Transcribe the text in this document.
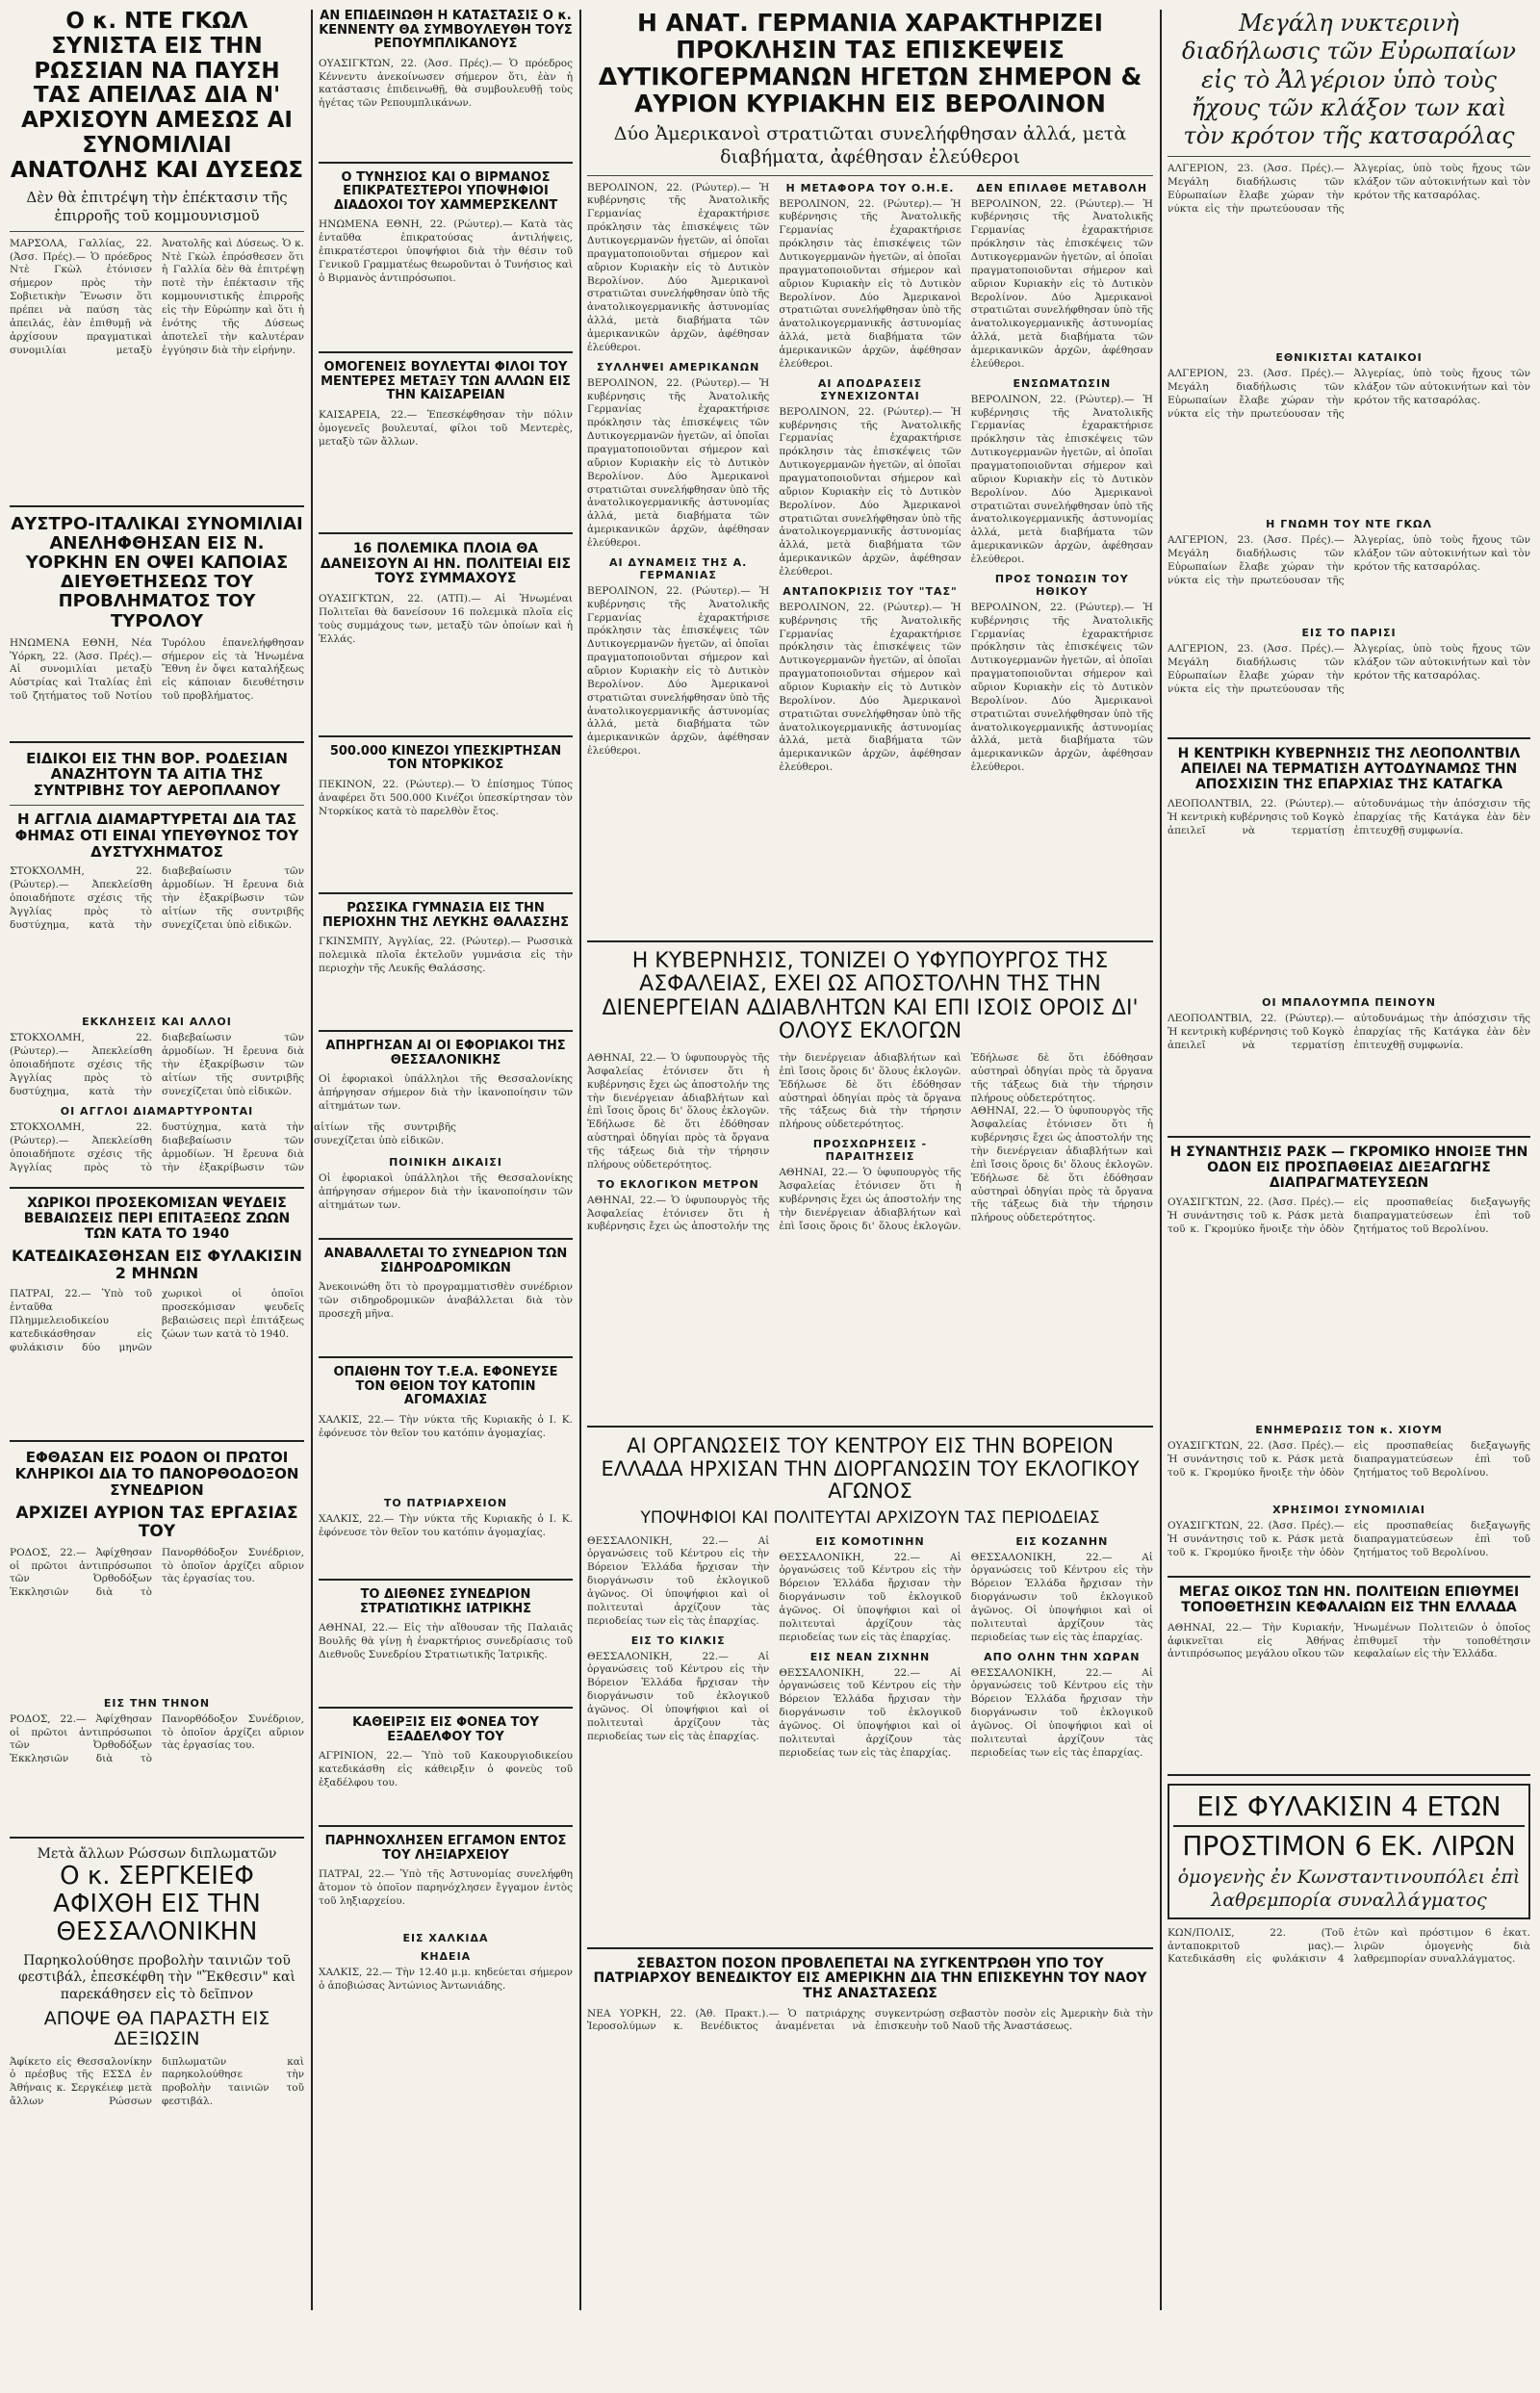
Ο κ. ΝΤΕ ΓΚΩΛ ΣΥΝΙΣΤΑ ΕΙΣ ΤΗΝ ΡΩΣΣΙΑΝ ΝΑ ΠΑΥΣΗ ΤΑΣ ΑΠΕΙΛΑΣ ΔΙΑ Ν' ΑΡΧΙΣΟΥΝ ΑΜΕΣΩΣ ΑΙ ΣΥΝΟΜΙΛΙΑΙ ΑΝΑΤΟΛΗΣ ΚΑΙ ΔΥΣΕΩΣ
Δὲν θὰ ἐπιτρέψη τὴν ἐπέκτασιν τῆς ἐπιρροῆς τοῦ κομμουνισμοῦ
ΜΑΡΣΟΛΑ, Γαλλίας, 22. (Ἀσσ. Πρές).— Ὁ πρόεδρος Ντὲ Γκὼλ ἐτόνισεν σήμερον πρὸς τὴν Σοβιετικὴν Ἕνωσιν ὅτι πρέπει νὰ παύση τὰς ἀπειλάς, ἐὰν ἐπιθυμῇ νὰ ἀρχίσουν πραγματικαὶ συνομιλίαι μεταξὺ Ἀνατολῆς καὶ Δύσεως. Ὁ κ. Ντὲ Γκὼλ ἐπρόσθεσεν ὅτι ἡ Γαλλία δὲν θὰ ἐπιτρέψῃ ποτὲ τὴν ἐπέκτασιν τῆς κομμουνιστικῆς ἐπιρροῆς εἰς τὴν Εὐρώπην καὶ ὅτι ἡ ἑνότης τῆς Δύσεως ἀποτελεῖ τὴν καλυτέραν ἐγγύησιν διὰ τὴν εἰρήνην.
ΑΥΣΤΡΟ-ΙΤΑΛΙΚΑΙ ΣΥΝΟΜΙΛΙΑΙ ΑΝΕΛΗΦΘΗΣΑΝ ΕΙΣ Ν. ΥΟΡΚΗΝ ΕΝ ΟΨΕΙ ΚΑΠΟΙΑΣ ΔΙΕΥΘΕΤΗΣΕΩΣ ΤΟΥ ΠΡΟΒΛΗΜΑΤΟΣ ΤΟΥ ΤΥΡΟΛΟΥ
ΗΝΩΜΕΝΑ ΕΘΝΗ, Νέα Ὑόρκη, 22. (Ἀσσ. Πρές).— Αἱ συνομιλίαι μεταξὺ Αὐστρίας καὶ Ἰταλίας ἐπὶ τοῦ ζητήματος τοῦ Νοτίου Τυρόλου ἐπανελήφθησαν σήμερον εἰς τὰ Ἡνωμένα Ἔθνη ἐν ὄψει καταλήξεως εἰς κάποιαν διευθέτησιν τοῦ προβλήματος.
ΕΙΔΙΚΟΙ ΕΙΣ ΤΗΝ ΒΟΡ. ΡΟΔΕΣΙΑΝ ΑΝΑΖΗΤΟΥΝ ΤΑ ΑΙΤΙΑ ΤΗΣ ΣΥΝΤΡΙΒΗΣ ΤΟΥ ΑΕΡΟΠΛΑΝΟΥ
Η ΑΓΓΛΙΑ ΔΙΑΜΑΡΤΥΡΕΤΑΙ ΔΙΑ ΤΑΣ ΦΗΜΑΣ ΟΤΙ ΕΙΝΑΙ ΥΠΕΥΘΥΝΟΣ ΤΟΥ ΔΥΣΤΥΧΗΜΑΤΟΣ
ΣΤΟΚΧΟΛΜΗ, 22. (Ρώυτερ).— Ἀπεκλείσθη ὁποιαδήποτε σχέσις τῆς Ἀγγλίας πρὸς τὸ δυστύχημα, κατὰ τὴν διαβεβαίωσιν τῶν ἁρμοδίων. Ἡ ἔρευνα διὰ τὴν ἐξακρίβωσιν τῶν αἰτίων τῆς συντριβῆς συνεχίζεται ὑπὸ εἰδικῶν.
ΕΚΚΛΗΣΕΙΣ ΚΑΙ ΑΛΛΟΙ
ΣΤΟΚΧΟΛΜΗ, 22. (Ρώυτερ).— Ἀπεκλείσθη ὁποιαδήποτε σχέσις τῆς Ἀγγλίας πρὸς τὸ δυστύχημα, κατὰ τὴν διαβεβαίωσιν τῶν ἁρμοδίων. Ἡ ἔρευνα διὰ τὴν ἐξακρίβωσιν τῶν αἰτίων τῆς συντριβῆς συνεχίζεται ὑπὸ εἰδικῶν.
ΟΙ ΑΓΓΛΟΙ ΔΙΑΜΑΡΤΥΡΟΝΤΑΙ
ΣΤΟΚΧΟΛΜΗ, 22. (Ρώυτερ).— Ἀπεκλείσθη ὁποιαδήποτε σχέσις τῆς Ἀγγλίας πρὸς τὸ δυστύχημα, κατὰ τὴν διαβεβαίωσιν τῶν ἁρμοδίων. Ἡ ἔρευνα διὰ τὴν ἐξακρίβωσιν τῶν αἰτίων τῆς συντριβῆς συνεχίζεται ὑπὸ εἰδικῶν.
ΧΩΡΙΚΟΙ ΠΡΟΣΕΚΟΜΙΣΑΝ ΨΕΥΔΕΙΣ ΒΕΒΑΙΩΣΕΙΣ ΠΕΡΙ ΕΠΙΤΑΞΕΩΣ ΖΩΩΝ ΤΩΝ ΚΑΤΑ ΤΟ 1940
ΚΑΤΕΔΙΚΑΣΘΗΣΑΝ ΕΙΣ ΦΥΛΑΚΙΣΙΝ 2 ΜΗΝΩΝ
ΠΑΤΡΑΙ, 22.— Ὑπὸ τοῦ ἐνταῦθα Πλημμελειοδικείου κατεδικάσθησαν εἰς φυλάκισιν δύο μηνῶν χωρικοὶ οἱ ὁποῖοι προσεκόμισαν ψευδεῖς βεβαιώσεις περὶ ἐπιτάξεως ζώων των κατὰ τὸ 1940.
ΕΦΘΑΣΑΝ ΕΙΣ ΡΟΔΟΝ ΟΙ ΠΡΩΤΟΙ ΚΛΗΡΙΚΟΙ ΔΙΑ ΤΟ ΠΑΝΟΡΘΟΔΟΞΟΝ ΣΥΝΕΔΡΙΟΝ
ΑΡΧΙΖΕΙ ΑΥΡΙΟΝ ΤΑΣ ΕΡΓΑΣΙΑΣ ΤΟΥ
ΡΟΔΟΣ, 22.— Ἀφίχθησαν οἱ πρῶτοι ἀντιπρόσωποι τῶν Ὀρθοδόξων Ἐκκλησιῶν διὰ τὸ Πανορθόδοξον Συνέδριον, τὸ ὁποῖον ἀρχίζει αὔριον τὰς ἐργασίας του.
ΕΙΣ ΤΗΝ ΤΗΝΟΝ
ΡΟΔΟΣ, 22.— Ἀφίχθησαν οἱ πρῶτοι ἀντιπρόσωποι τῶν Ὀρθοδόξων Ἐκκλησιῶν διὰ τὸ Πανορθόδοξον Συνέδριον, τὸ ὁποῖον ἀρχίζει αὔριον τὰς ἐργασίας του.
Μετὰ ἄλλων Ρώσσων διπλωματῶν
Ο κ. ΣΕΡΓΚΕΙΕΦ ΑΦΙΧΘΗ ΕΙΣ ΤΗΝ ΘΕΣΣΑΛΟΝΙΚΗΝ
Παρηκολούθησε προβολὴν ταινιῶν τοῦ φεστιβάλ, ἐπεσκέφθη τὴν "Ἔκθεσιν" καὶ παρεκάθησεν εἰς τὸ δεῖπνον
ΑΠΟΨΕ ΘΑ ΠΑΡΑΣΤΗ ΕΙΣ ΔΕΞΙΩΣΙΝ
Ἀφίκετο εἰς Θεσσαλονίκην ὁ πρέσβυς τῆς ΕΣΣΔ ἐν Ἀθήναις κ. Σεργκέιεφ μετὰ ἄλλων Ρώσσων διπλωματῶν καὶ παρηκολούθησε τὴν προβολὴν ταινιῶν τοῦ φεστιβάλ.
ΑΝ ΕΠΙΔΕΙΝΩΘΗ Η ΚΑΤΑΣΤΑΣΙΣ Ο κ. ΚΕΝΝΕΝΤΥ ΘΑ ΣΥΜΒΟΥΛΕΥΘΗ ΤΟΥΣ ΡΕΠΟΥΜΠΛΙΚΑΝΟΥΣ
ΟΥΑΣΙΓΚΤΩΝ, 22. (Ἀσσ. Πρές).— Ὁ πρόεδρος Κέννεντυ ἀνεκοίνωσεν σήμερον ὅτι, ἐὰν ἡ κατάστασις ἐπιδεινωθῇ, θὰ συμβουλευθῇ τοὺς ἡγέτας τῶν Ρεπουμπλικάνων.
Ο ΤΥΝΗΣΙΟΣ ΚΑΙ Ο ΒΙΡΜΑΝΟΣ ΕΠΙΚΡΑΤΕΣΤΕΡΟΙ ΥΠΟΨΗΦΙΟΙ ΔΙΑΔΟΧΟΙ ΤΟΥ ΧΑΜΜΕΡΣΚΕΛΝΤ
ΗΝΩΜΕΝΑ ΕΘΝΗ, 22. (Ρώυτερ).— Κατὰ τὰς ἐνταῦθα ἐπικρατούσας ἀντιλήψεις, ἐπικρατέστεροι ὑποψήφιοι διὰ τὴν θέσιν τοῦ Γενικοῦ Γραμματέως θεωροῦνται ὁ Τυνήσιος καὶ ὁ Βιρμανὸς ἀντιπρόσωποι.
ΟΜΟΓΕΝΕΙΣ ΒΟΥΛΕΥΤΑΙ ΦΙΛΟΙ ΤΟΥ ΜΕΝΤΕΡΕΣ ΜΕΤΑΞΥ ΤΩΝ ΑΛΛΩΝ ΕΙΣ ΤΗΝ ΚΑΙΣΑΡΕΙΑΝ
ΚΑΙΣΑΡΕΙΑ, 22.— Ἐπεσκέφθησαν τὴν πόλιν ὁμογενεῖς βουλευταί, φίλοι τοῦ Μεντερὲς, μεταξὺ τῶν ἄλλων.
16 ΠΟΛΕΜΙΚΑ ΠΛΟΙΑ ΘΑ ΔΑΝΕΙΣΟΥΝ ΑΙ ΗΝ. ΠΟΛΙΤΕΙΑΙ ΕΙΣ ΤΟΥΣ ΣΥΜΜΑΧΟΥΣ
ΟΥΑΣΙΓΚΤΩΝ, 22. (ΑΤΠ).— Αἱ Ἡνωμέναι Πολιτεῖαι θὰ δανείσουν 16 πολεμικὰ πλοῖα εἰς τοὺς συμμάχους των, μεταξὺ τῶν ὁποίων καὶ ἡ Ἑλλάς.
500.000 ΚΙΝΕΖΟΙ ΥΠΕΣΚΙΡΤΗΣΑΝ ΤΟΝ ΝΤΟΡΚΙΚΟΣ
ΠΕΚΙΝΟΝ, 22. (Ρώυτερ).— Ὁ ἐπίσημος Τύπος ἀναφέρει ὅτι 500.000 Κινέζοι ὑπεσκίρτησαν τὸν Ντορκίκος κατὰ τὸ παρελθὸν ἔτος.
ΡΩΣΣΙΚΑ ΓΥΜΝΑΣΙΑ ΕΙΣ ΤΗΝ ΠΕΡΙΟΧΗΝ ΤΗΣ ΛΕΥΚΗΣ ΘΑΛΑΣΣΗΣ
ΓΚΙΝΣΜΠΥ, Ἀγγλίας, 22. (Ρώυτερ).— Ρωσσικὰ πολεμικὰ πλοῖα ἐκτελοῦν γυμνάσια εἰς τὴν περιοχὴν τῆς Λευκῆς Θαλάσσης.
ΑΠΗΡΓΗΣΑΝ ΑΙ ΟΙ ΕΦΟΡΙΑΚΟΙ ΤΗΣ ΘΕΣΣΑΛΟΝΙΚΗΣ
Οἱ ἐφοριακοὶ ὑπάλληλοι τῆς Θεσσαλονίκης ἀπήργησαν σήμερον διὰ τὴν ἱκανοποίησιν τῶν αἰτημάτων των.
ΠΟΙΝΙΚΗ ΔΙΚΑΙΣΙ
Οἱ ἐφοριακοὶ ὑπάλληλοι τῆς Θεσσαλονίκης ἀπήργησαν σήμερον διὰ τὴν ἱκανοποίησιν τῶν αἰτημάτων των.
ΑΝΑΒΑΛΛΕΤΑΙ ΤΟ ΣΥΝΕΔΡΙΟΝ ΤΩΝ ΣΙΔΗΡΟΔΡΟΜΙΚΩΝ
Ἀνεκοινώθη ὅτι τὸ προγραμματισθὲν συνέδριον τῶν σιδηροδρομικῶν ἀναβάλλεται διὰ τὸν προσεχῆ μῆνα.
ΟΠΑΙΘΗΝ ΤΟΥ Τ.Ε.Α. ΕΦΟΝΕΥΣΕ ΤΟΝ ΘΕΙΟΝ ΤΟΥ ΚΑΤΟΠΙΝ ΑΓΟΜΑΧΙΑΣ
ΧΑΛΚΙΣ, 22.— Τὴν νύκτα τῆς Κυριακῆς ὁ Ι. Κ. ἐφόνευσε τὸν θεῖον του κατόπιν ἀγομαχίας.
ΤΟ ΠΑΤΡΙΑΡΧΕΙΟΝ
ΧΑΛΚΙΣ, 22.— Τὴν νύκτα τῆς Κυριακῆς ὁ Ι. Κ. ἐφόνευσε τὸν θεῖον του κατόπιν ἀγομαχίας.
ΤΟ ΔΙΕΘΝΕΣ ΣΥΝΕΔΡΙΟΝ ΣΤΡΑΤΙΩΤΙΚΗΣ ΙΑΤΡΙΚΗΣ
ΑΘΗΝΑΙ, 22.— Εἰς τὴν αἴθουσαν τῆς Παλαιᾶς Βουλῆς θὰ γίνῃ ἡ ἐναρκτήριος συνεδρίασις τοῦ Διεθνοῦς Συνεδρίου Στρατιωτικῆς Ἰατρικῆς.
ΚΑΘΕΙΡΞΙΣ ΕΙΣ ΦΟΝΕΑ ΤΟΥ ΕΞΑΔΕΛΦΟΥ ΤΟΥ
ΑΓΡΙΝΙΟΝ, 22.— Ὑπὸ τοῦ Κακουργιοδικείου κατεδικάσθη εἰς κάθειρξιν ὁ φονεὺς τοῦ ἐξαδέλφου του.
ΠΑΡΗΝΟΧΛΗΣΕΝ ΕΓΓΑΜΟΝ ΕΝΤΟΣ ΤΟΥ ΛΗΞΙΑΡΧΕΙΟΥ
ΠΑΤΡΑΙ, 22.— Ὑπὸ τῆς Ἀστυνομίας συνελήφθη ἄτομον τὸ ὁποῖον παρηνόχλησεν ἔγγαμον ἐντὸς τοῦ ληξιαρχείου.
ΕΙΣ ΧΑΛΚΙΔΑ
ΚΗΔΕΙΑ
ΧΑΛΚΙΣ, 22.— Τὴν 12.40 μ.μ. κηδεύεται σήμερον ὁ ἀποβιώσας Ἀντώνιος Ἀντωνιάδης.
Η ΑΝΑΤ. ΓΕΡΜΑΝΙΑ ΧΑΡΑΚΤΗΡΙΖΕΙ ΠΡΟΚΛΗΣΙΝ ΤΑΣ ΕΠΙΣΚΕΨΕΙΣ ΔΥΤΙΚΟΓΕΡΜΑΝΩΝ ΗΓΕΤΩΝ ΣΗΜΕΡΟΝ & ΑΥΡΙΟΝ ΚΥΡΙΑΚΗΝ ΕΙΣ ΒΕΡΟΛΙΝΟΝ
Δύο Ἀμερικανοὶ στρατιῶται συνελήφθησαν ἀλλά, μετὰ διαβήματα, ἀφέθησαν ἐλεύθεροι
ΒΕΡΟΛΙΝΟΝ, 22. (Ρώυτερ).— Ἡ κυβέρνησις τῆς Ἀνατολικῆς Γερμανίας ἐχαρακτήρισε πρόκλησιν τὰς ἐπισκέψεις τῶν Δυτικογερμανῶν ἡγετῶν, αἱ ὁποῖαι πραγματοποιοῦνται σήμερον καὶ αὔριον Κυριακὴν εἰς τὸ Δυτικὸν Βερολίνον. Δύο Ἀμερικανοὶ στρατιῶται συνελήφθησαν ὑπὸ τῆς ἀνατολικογερμανικῆς ἀστυνομίας ἀλλά, μετὰ διαβήματα τῶν ἀμερικανικῶν ἀρχῶν, ἀφέθησαν ἐλεύθεροι.
ΣΥΛΛΗΨΕΙ ΑΜΕΡΙΚΑΝΩΝ
ΒΕΡΟΛΙΝΟΝ, 22. (Ρώυτερ).— Ἡ κυβέρνησις τῆς Ἀνατολικῆς Γερμανίας ἐχαρακτήρισε πρόκλησιν τὰς ἐπισκέψεις τῶν Δυτικογερμανῶν ἡγετῶν, αἱ ὁποῖαι πραγματοποιοῦνται σήμερον καὶ αὔριον Κυριακὴν εἰς τὸ Δυτικὸν Βερολίνον. Δύο Ἀμερικανοὶ στρατιῶται συνελήφθησαν ὑπὸ τῆς ἀνατολικογερμανικῆς ἀστυνομίας ἀλλά, μετὰ διαβήματα τῶν ἀμερικανικῶν ἀρχῶν, ἀφέθησαν ἐλεύθεροι.
ΑΙ ΔΥΝΑΜΕΙΣ ΤΗΣ Α. ΓΕΡΜΑΝΙΑΣ
ΒΕΡΟΛΙΝΟΝ, 22. (Ρώυτερ).— Ἡ κυβέρνησις τῆς Ἀνατολικῆς Γερμανίας ἐχαρακτήρισε πρόκλησιν τὰς ἐπισκέψεις τῶν Δυτικογερμανῶν ἡγετῶν, αἱ ὁποῖαι πραγματοποιοῦνται σήμερον καὶ αὔριον Κυριακὴν εἰς τὸ Δυτικὸν Βερολίνον. Δύο Ἀμερικανοὶ στρατιῶται συνελήφθησαν ὑπὸ τῆς ἀνατολικογερμανικῆς ἀστυνομίας ἀλλά, μετὰ διαβήματα τῶν ἀμερικανικῶν ἀρχῶν, ἀφέθησαν ἐλεύθεροι.
Η ΜΕΤΑΦΟΡΑ ΤΟΥ Ο.Η.Ε.
ΒΕΡΟΛΙΝΟΝ, 22. (Ρώυτερ).— Ἡ κυβέρνησις τῆς Ἀνατολικῆς Γερμανίας ἐχαρακτήρισε πρόκλησιν τὰς ἐπισκέψεις τῶν Δυτικογερμανῶν ἡγετῶν, αἱ ὁποῖαι πραγματοποιοῦνται σήμερον καὶ αὔριον Κυριακὴν εἰς τὸ Δυτικὸν Βερολίνον. Δύο Ἀμερικανοὶ στρατιῶται συνελήφθησαν ὑπὸ τῆς ἀνατολικογερμανικῆς ἀστυνομίας ἀλλά, μετὰ διαβήματα τῶν ἀμερικανικῶν ἀρχῶν, ἀφέθησαν ἐλεύθεροι.
ΑΙ ΑΠΟΔΡΑΣΕΙΣ ΣΥΝΕΧΙΖΟΝΤΑΙ
ΒΕΡΟΛΙΝΟΝ, 22. (Ρώυτερ).— Ἡ κυβέρνησις τῆς Ἀνατολικῆς Γερμανίας ἐχαρακτήρισε πρόκλησιν τὰς ἐπισκέψεις τῶν Δυτικογερμανῶν ἡγετῶν, αἱ ὁποῖαι πραγματοποιοῦνται σήμερον καὶ αὔριον Κυριακὴν εἰς τὸ Δυτικὸν Βερολίνον. Δύο Ἀμερικανοὶ στρατιῶται συνελήφθησαν ὑπὸ τῆς ἀνατολικογερμανικῆς ἀστυνομίας ἀλλά, μετὰ διαβήματα τῶν ἀμερικανικῶν ἀρχῶν, ἀφέθησαν ἐλεύθεροι.
ΑΝΤΑΠΟΚΡΙΣΙΣ ΤΟΥ "ΤΑΣ"
ΒΕΡΟΛΙΝΟΝ, 22. (Ρώυτερ).— Ἡ κυβέρνησις τῆς Ἀνατολικῆς Γερμανίας ἐχαρακτήρισε πρόκλησιν τὰς ἐπισκέψεις τῶν Δυτικογερμανῶν ἡγετῶν, αἱ ὁποῖαι πραγματοποιοῦνται σήμερον καὶ αὔριον Κυριακὴν εἰς τὸ Δυτικὸν Βερολίνον. Δύο Ἀμερικανοὶ στρατιῶται συνελήφθησαν ὑπὸ τῆς ἀνατολικογερμανικῆς ἀστυνομίας ἀλλά, μετὰ διαβήματα τῶν ἀμερικανικῶν ἀρχῶν, ἀφέθησαν ἐλεύθεροι.
ΔΕΝ ΕΠΙΛΑΘΕ ΜΕΤΑΒΟΛΗ
ΒΕΡΟΛΙΝΟΝ, 22. (Ρώυτερ).— Ἡ κυβέρνησις τῆς Ἀνατολικῆς Γερμανίας ἐχαρακτήρισε πρόκλησιν τὰς ἐπισκέψεις τῶν Δυτικογερμανῶν ἡγετῶν, αἱ ὁποῖαι πραγματοποιοῦνται σήμερον καὶ αὔριον Κυριακὴν εἰς τὸ Δυτικὸν Βερολίνον. Δύο Ἀμερικανοὶ στρατιῶται συνελήφθησαν ὑπὸ τῆς ἀνατολικογερμανικῆς ἀστυνομίας ἀλλά, μετὰ διαβήματα τῶν ἀμερικανικῶν ἀρχῶν, ἀφέθησαν ἐλεύθεροι.
ΕΝΣΩΜΑΤΩΣΙΝ
ΒΕΡΟΛΙΝΟΝ, 22. (Ρώυτερ).— Ἡ κυβέρνησις τῆς Ἀνατολικῆς Γερμανίας ἐχαρακτήρισε πρόκλησιν τὰς ἐπισκέψεις τῶν Δυτικογερμανῶν ἡγετῶν, αἱ ὁποῖαι πραγματοποιοῦνται σήμερον καὶ αὔριον Κυριακὴν εἰς τὸ Δυτικὸν Βερολίνον. Δύο Ἀμερικανοὶ στρατιῶται συνελήφθησαν ὑπὸ τῆς ἀνατολικογερμανικῆς ἀστυνομίας ἀλλά, μετὰ διαβήματα τῶν ἀμερικανικῶν ἀρχῶν, ἀφέθησαν ἐλεύθεροι.
ΠΡΟΣ ΤΟΝΩΣΙΝ ΤΟΥ ΗΘΙΚΟΥ
ΒΕΡΟΛΙΝΟΝ, 22. (Ρώυτερ).— Ἡ κυβέρνησις τῆς Ἀνατολικῆς Γερμανίας ἐχαρακτήρισε πρόκλησιν τὰς ἐπισκέψεις τῶν Δυτικογερμανῶν ἡγετῶν, αἱ ὁποῖαι πραγματοποιοῦνται σήμερον καὶ αὔριον Κυριακὴν εἰς τὸ Δυτικὸν Βερολίνον. Δύο Ἀμερικανοὶ στρατιῶται συνελήφθησαν ὑπὸ τῆς ἀνατολικογερμανικῆς ἀστυνομίας ἀλλά, μετὰ διαβήματα τῶν ἀμερικανικῶν ἀρχῶν, ἀφέθησαν ἐλεύθεροι.
Η ΚΥΒΕΡΝΗΣΙΣ, ΤΟΝΙΖΕΙ Ο ΥΦΥΠΟΥΡΓΟΣ ΤΗΣ ΑΣΦΑΛΕΙΑΣ, ΕΧΕΙ ΩΣ ΑΠΟΣΤΟΛΗΝ ΤΗΣ ΤΗΝ ΔΙΕΝΕΡΓΕΙΑΝ ΑΔΙΑΒΛΗΤΩΝ ΚΑΙ ΕΠΙ ΙΣΟΙΣ ΟΡΟΙΣ ΔΙ' ΟΛΟΥΣ ΕΚΛΟΓΩΝ
ΑΘΗΝΑΙ, 22.— Ὁ ὑφυπουργὸς τῆς Ἀσφαλείας ἐτόνισεν ὅτι ἡ κυβέρνησις ἔχει ὡς ἀποστολήν της τὴν διενέργειαν ἀδιαβλήτων καὶ ἐπὶ ἴσοις ὅροις δι' ὅλους ἐκλογῶν. Ἐδήλωσε δὲ ὅτι ἐδόθησαν αὐστηραὶ ὁδηγίαι πρὸς τὰ ὄργανα τῆς τάξεως διὰ τὴν τήρησιν πλήρους οὐδετερότητος.
ΤΟ ΕΚΛΟΓΙΚΟΝ ΜΕΤΡΟΝ
ΑΘΗΝΑΙ, 22.— Ὁ ὑφυπουργὸς τῆς Ἀσφαλείας ἐτόνισεν ὅτι ἡ κυβέρνησις ἔχει ὡς ἀποστολήν της τὴν διενέργειαν ἀδιαβλήτων καὶ ἐπὶ ἴσοις ὅροις δι' ὅλους ἐκλογῶν. Ἐδήλωσε δὲ ὅτι ἐδόθησαν αὐστηραὶ ὁδηγίαι πρὸς τὰ ὄργανα τῆς τάξεως διὰ τὴν τήρησιν πλήρους οὐδετερότητος.
ΠΡΟΣΧΩΡΗΣΕΙΣ - ΠΑΡΑΙΤΗΣΕΙΣ
ΑΘΗΝΑΙ, 22.— Ὁ ὑφυπουργὸς τῆς Ἀσφαλείας ἐτόνισεν ὅτι ἡ κυβέρνησις ἔχει ὡς ἀποστολήν της τὴν διενέργειαν ἀδιαβλήτων καὶ ἐπὶ ἴσοις ὅροις δι' ὅλους ἐκλογῶν. Ἐδήλωσε δὲ ὅτι ἐδόθησαν αὐστηραὶ ὁδηγίαι πρὸς τὰ ὄργανα τῆς τάξεως διὰ τὴν τήρησιν πλήρους οὐδετερότητος.
ΑΘΗΝΑΙ, 22.— Ὁ ὑφυπουργὸς τῆς Ἀσφαλείας ἐτόνισεν ὅτι ἡ κυβέρνησις ἔχει ὡς ἀποστολήν της τὴν διενέργειαν ἀδιαβλήτων καὶ ἐπὶ ἴσοις ὅροις δι' ὅλους ἐκλογῶν. Ἐδήλωσε δὲ ὅτι ἐδόθησαν αὐστηραὶ ὁδηγίαι πρὸς τὰ ὄργανα τῆς τάξεως διὰ τὴν τήρησιν πλήρους οὐδετερότητος.
ΑΙ ΟΡΓΑΝΩΣΕΙΣ ΤΟΥ ΚΕΝΤΡΟΥ ΕΙΣ ΤΗΝ ΒΟΡΕΙΟΝ ΕΛΛΑΔΑ ΗΡΧΙΣΑΝ ΤΗΝ ΔΙΟΡΓΑΝΩΣΙΝ ΤΟΥ ΕΚΛΟΓΙΚΟΥ ΑΓΩΝΟΣ
ΥΠΟΨΗΦΙΟΙ ΚΑΙ ΠΟΛΙΤΕΥΤΑΙ ΑΡΧΙΖΟΥΝ ΤΑΣ ΠΕΡΙΟΔΕΙΑΣ
ΘΕΣΣΑΛΟΝΙΚΗ, 22.— Αἱ ὀργανώσεις τοῦ Κέντρου εἰς τὴν Βόρειον Ἑλλάδα ἤρχισαν τὴν διοργάνωσιν τοῦ ἐκλογικοῦ ἀγῶνος. Οἱ ὑποψήφιοι καὶ οἱ πολιτευταὶ ἀρχίζουν τὰς περιοδείας των εἰς τὰς ἐπαρχίας.
ΕΙΣ ΤΟ ΚΙΛΚΙΣ
ΘΕΣΣΑΛΟΝΙΚΗ, 22.— Αἱ ὀργανώσεις τοῦ Κέντρου εἰς τὴν Βόρειον Ἑλλάδα ἤρχισαν τὴν διοργάνωσιν τοῦ ἐκλογικοῦ ἀγῶνος. Οἱ ὑποψήφιοι καὶ οἱ πολιτευταὶ ἀρχίζουν τὰς περιοδείας των εἰς τὰς ἐπαρχίας.
ΕΙΣ ΚΟΜΟΤΙΝΗΝ
ΘΕΣΣΑΛΟΝΙΚΗ, 22.— Αἱ ὀργανώσεις τοῦ Κέντρου εἰς τὴν Βόρειον Ἑλλάδα ἤρχισαν τὴν διοργάνωσιν τοῦ ἐκλογικοῦ ἀγῶνος. Οἱ ὑποψήφιοι καὶ οἱ πολιτευταὶ ἀρχίζουν τὰς περιοδείας των εἰς τὰς ἐπαρχίας.
ΕΙΣ ΝΕΑΝ ΖΙΧΝΗΝ
ΘΕΣΣΑΛΟΝΙΚΗ, 22.— Αἱ ὀργανώσεις τοῦ Κέντρου εἰς τὴν Βόρειον Ἑλλάδα ἤρχισαν τὴν διοργάνωσιν τοῦ ἐκλογικοῦ ἀγῶνος. Οἱ ὑποψήφιοι καὶ οἱ πολιτευταὶ ἀρχίζουν τὰς περιοδείας των εἰς τὰς ἐπαρχίας.
ΕΙΣ ΚΟΖΑΝΗΝ
ΘΕΣΣΑΛΟΝΙΚΗ, 22.— Αἱ ὀργανώσεις τοῦ Κέντρου εἰς τὴν Βόρειον Ἑλλάδα ἤρχισαν τὴν διοργάνωσιν τοῦ ἐκλογικοῦ ἀγῶνος. Οἱ ὑποψήφιοι καὶ οἱ πολιτευταὶ ἀρχίζουν τὰς περιοδείας των εἰς τὰς ἐπαρχίας.
ΑΠΟ ΟΛΗΝ ΤΗΝ ΧΩΡΑΝ
ΘΕΣΣΑΛΟΝΙΚΗ, 22.— Αἱ ὀργανώσεις τοῦ Κέντρου εἰς τὴν Βόρειον Ἑλλάδα ἤρχισαν τὴν διοργάνωσιν τοῦ ἐκλογικοῦ ἀγῶνος. Οἱ ὑποψήφιοι καὶ οἱ πολιτευταὶ ἀρχίζουν τὰς περιοδείας των εἰς τὰς ἐπαρχίας.
ΣΕΒΑΣΤΟΝ ΠΟΣΟΝ ΠΡΟΒΛΕΠΕΤΑΙ ΝΑ ΣΥΓΚΕΝΤΡΩΘΗ ΥΠΟ ΤΟΥ ΠΑΤΡΙΑΡΧΟΥ ΒΕΝΕΔΙΚΤΟΥ ΕΙΣ ΑΜΕΡΙΚΗΝ ΔΙΑ ΤΗΝ ΕΠΙΣΚΕΥΗΝ ΤΟΥ ΝΑΟΥ ΤΗΣ ΑΝΑΣΤΑΣΕΩΣ
ΝΕΑ ΥΟΡΚΗ, 22. (Ἀθ. Πρακτ.).— Ὁ πατριάρχης Ἱεροσολύμων κ. Βενέδικτος ἀναμένεται νὰ συγκεντρώσῃ σεβαστὸν ποσὸν εἰς Ἀμερικὴν διὰ τὴν ἐπισκευὴν τοῦ Ναοῦ τῆς Ἀναστάσεως.
Μεγάλη νυκτερινὴ διαδήλωσις τῶν Εὐρωπαίων εἰς τὸ Ἀλγέριον ὑπὸ τοὺς ἤχους τῶν κλάξον των καὶ τὸν κρότον τῆς κατσαρόλας
ΑΛΓΕΡΙΟΝ, 23. (Ἀσσ. Πρές).— Μεγάλη διαδήλωσις τῶν Εὐρωπαίων ἔλαβε χώραν τὴν νύκτα εἰς τὴν πρωτεύουσαν τῆς Ἀλγερίας, ὑπὸ τοὺς ἤχους τῶν κλάξον τῶν αὐτοκινήτων καὶ τὸν κρότον τῆς κατσαρόλας.
ΕΘΝΙΚΙΣΤΑΙ ΚΑΤΑΙΚΟΙ
ΑΛΓΕΡΙΟΝ, 23. (Ἀσσ. Πρές).— Μεγάλη διαδήλωσις τῶν Εὐρωπαίων ἔλαβε χώραν τὴν νύκτα εἰς τὴν πρωτεύουσαν τῆς Ἀλγερίας, ὑπὸ τοὺς ἤχους τῶν κλάξον τῶν αὐτοκινήτων καὶ τὸν κρότον τῆς κατσαρόλας.
Η ΓΝΩΜΗ ΤΟΥ ΝΤΕ ΓΚΩΛ
ΑΛΓΕΡΙΟΝ, 23. (Ἀσσ. Πρές).— Μεγάλη διαδήλωσις τῶν Εὐρωπαίων ἔλαβε χώραν τὴν νύκτα εἰς τὴν πρωτεύουσαν τῆς Ἀλγερίας, ὑπὸ τοὺς ἤχους τῶν κλάξον τῶν αὐτοκινήτων καὶ τὸν κρότον τῆς κατσαρόλας.
ΕΙΣ ΤΟ ΠΑΡΙΣΙ
ΑΛΓΕΡΙΟΝ, 23. (Ἀσσ. Πρές).— Μεγάλη διαδήλωσις τῶν Εὐρωπαίων ἔλαβε χώραν τὴν νύκτα εἰς τὴν πρωτεύουσαν τῆς Ἀλγερίας, ὑπὸ τοὺς ἤχους τῶν κλάξον τῶν αὐτοκινήτων καὶ τὸν κρότον τῆς κατσαρόλας.
Η ΚΕΝΤΡΙΚΗ ΚΥΒΕΡΝΗΣΙΣ ΤΗΣ ΛΕΟΠΟΛΝΤΒΙΛ ΑΠΕΙΛΕΙ ΝΑ ΤΕΡΜΑΤΙΣΗ ΑΥΤΟΔΥΝΑΜΩΣ ΤΗΝ ΑΠΟΣΧΙΣΙΝ ΤΗΣ ΕΠΑΡΧΙΑΣ ΤΗΣ ΚΑΤΑΓΚΑ
ΛΕΟΠΟΛΝΤΒΙΛ, 22. (Ρώυτερ).— Ἡ κεντρικὴ κυβέρνησις τοῦ Κογκὸ ἀπειλεῖ νὰ τερματίσῃ αὐτοδυνάμως τὴν ἀπόσχισιν τῆς ἐπαρχίας τῆς Κατάγκα ἐὰν δὲν ἐπιτευχθῇ συμφωνία.
ΟΙ ΜΠΑΛΟΥΜΠΑ ΠΕΙΝΟΥΝ
ΛΕΟΠΟΛΝΤΒΙΛ, 22. (Ρώυτερ).— Ἡ κεντρικὴ κυβέρνησις τοῦ Κογκὸ ἀπειλεῖ νὰ τερματίσῃ αὐτοδυνάμως τὴν ἀπόσχισιν τῆς ἐπαρχίας τῆς Κατάγκα ἐὰν δὲν ἐπιτευχθῇ συμφωνία.
Η ΣΥΝΑΝΤΗΣΙΣ ΡΑΣΚ — ΓΚΡΟΜΙΚΟ ΗΝΟΙΞΕ ΤΗΝ ΟΔΟΝ ΕΙΣ ΠΡΟΣΠΑΘΕΙΑΣ ΔΙΕΞΑΓΩΓΗΣ ΔΙΑΠΡΑΓΜΑΤΕΥΣΕΩΝ
ΟΥΑΣΙΓΚΤΩΝ, 22. (Ἀσσ. Πρές).— Ἡ συνάντησις τοῦ κ. Ράσκ μετὰ τοῦ κ. Γκρομύκο ἤνοιξε τὴν ὁδὸν εἰς προσπαθείας διεξαγωγῆς διαπραγματεύσεων ἐπὶ τοῦ ζητήματος τοῦ Βερολίνου.
ΕΝΗΜΕΡΩΣΙΣ ΤΟΝ κ. ΧΙΟΥΜ
ΟΥΑΣΙΓΚΤΩΝ, 22. (Ἀσσ. Πρές).— Ἡ συνάντησις τοῦ κ. Ράσκ μετὰ τοῦ κ. Γκρομύκο ἤνοιξε τὴν ὁδὸν εἰς προσπαθείας διεξαγωγῆς διαπραγματεύσεων ἐπὶ τοῦ ζητήματος τοῦ Βερολίνου.
ΧΡΗΣΙΜΟΙ ΣΥΝΟΜΙΛΙΑΙ
ΟΥΑΣΙΓΚΤΩΝ, 22. (Ἀσσ. Πρές).— Ἡ συνάντησις τοῦ κ. Ράσκ μετὰ τοῦ κ. Γκρομύκο ἤνοιξε τὴν ὁδὸν εἰς προσπαθείας διεξαγωγῆς διαπραγματεύσεων ἐπὶ τοῦ ζητήματος τοῦ Βερολίνου.
ΜΕΓΑΣ ΟΙΚΟΣ ΤΩΝ ΗΝ. ΠΟΛΙΤΕΙΩΝ ΕΠΙΘΥΜΕΙ ΤΟΠΟΘΕΤΗΣΙΝ ΚΕΦΑΛΑΙΩΝ ΕΙΣ ΤΗΝ ΕΛΛΑΔΑ
ΑΘΗΝΑΙ, 22.— Τὴν Κυριακήν, ἀφικνεῖται εἰς Ἀθήνας ἀντιπρόσωπος μεγάλου οἴκου τῶν Ἡνωμένων Πολιτειῶν ὁ ὁποῖος ἐπιθυμεῖ τὴν τοποθέτησιν κεφαλαίων εἰς τὴν Ἑλλάδα.
ΕΙΣ ΦΥΛΑΚΙΣΙΝ 4 ΕΤΩΝ
ΠΡΟΣΤΙΜΟΝ 6 ΕΚ. ΛΙΡΩΝ
ὁμογενὴς ἐν Κωνσταντινουπόλει ἐπὶ λαθρεμπορία συναλλάγματος
ΚΩΝ/ΠΟΛΙΣ, 22. (Τοῦ ἀνταποκριτοῦ μας).— Κατεδικάσθη εἰς φυλάκισιν 4 ἐτῶν καὶ πρόστιμον 6 ἑκατ. λιρῶν ὁμογενὴς διὰ λαθρεμπορίαν συναλλάγματος.
